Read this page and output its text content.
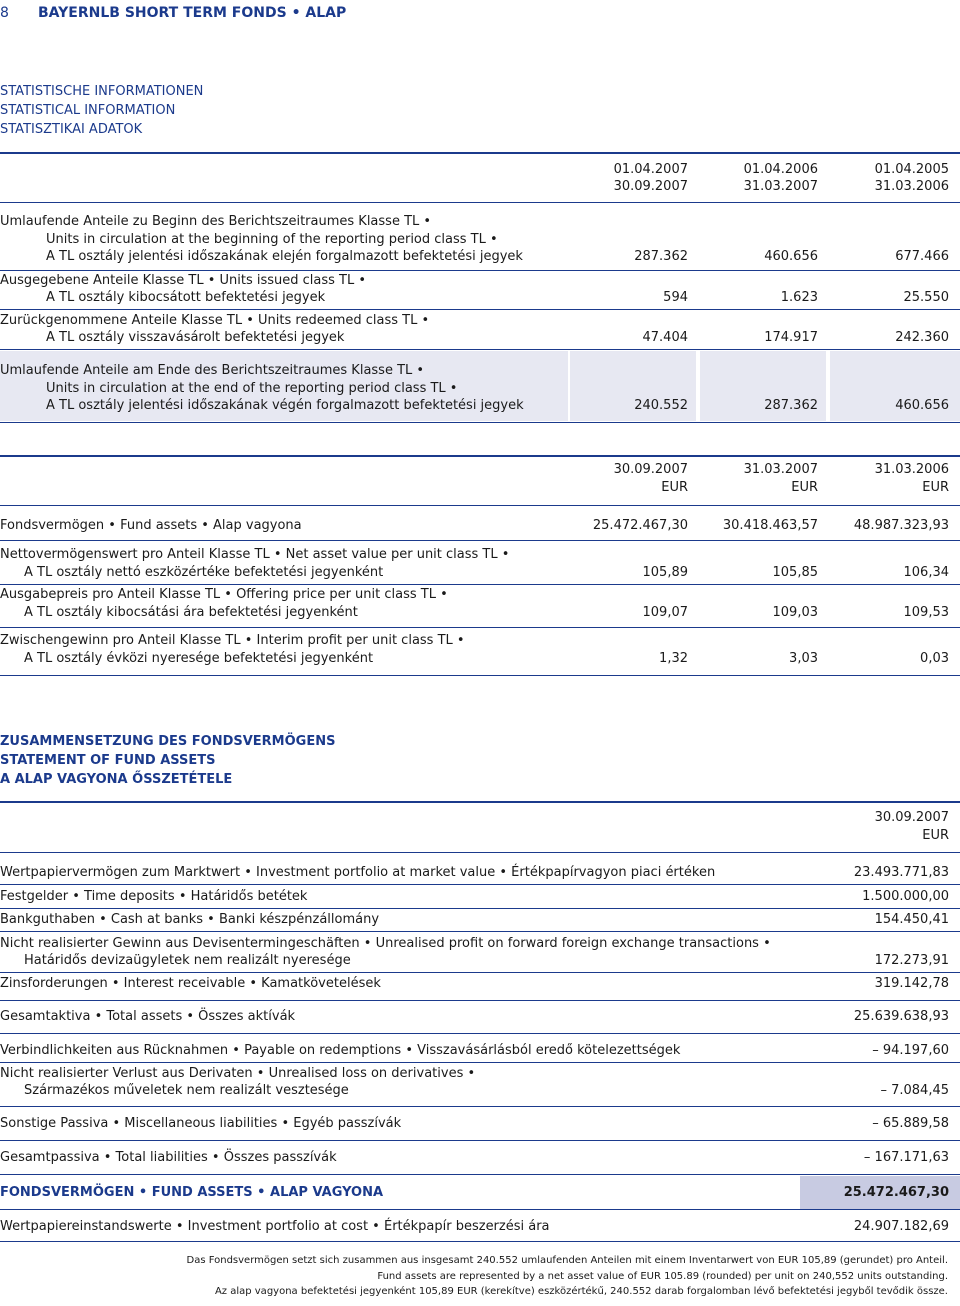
8 BAYERNLB SHORT TERM FONDS • ALAP
STATISTISCHE INFORMATIONEN
STATISTICAL INFORMATION
STATISZTIKAI ADATOK
01.04.2007	01.04.2006	01.04.2005
30.09.2007	31.03.2007	31.03.2006
Umlaufende Anteile zu Beginn des Berichtszeitraumes Klasse TL •
Units in circulation at the beginning of the reporting period class TL •
A TL osztály jelentési időszakának elején forgalmazott befektetési jegyek	287.362	460.656	677.466
Ausgegebene Anteile Klasse TL • Units issued class TL •
A TL osztály kibocsátott befektetési jegyek	594	1.623	25.550
Zurückgenommene Anteile Klasse TL • Units redeemed class TL •
A TL osztály visszavásárolt befektetési jegyek	47.404	174.917	242.360
Umlaufende Anteile am Ende des Berichtszeitraumes Klasse TL •
Units in circulation at the end of the reporting period class TL •
A TL osztály jelentési időszakának végén forgalmazott befektetési jegyek	240.552	287.362	460.656
30.09.2007	31.03.2007	31.03.2006
EUR	EUR	EUR
Fondsvermögen • Fund assets • Alap vagyona	25.472.467,30	30.418.463,57	48.987.323,93
Nettovermögenswert pro Anteil Klasse TL • Net asset value per unit class TL •
A TL osztály nettó eszközértéke befektetési jegyenként	105,89	105,85	106,34
Ausgabepreis pro Anteil Klasse TL • Offering price per unit class TL •
A TL osztály kibocsátási ára befektetési jegyenként	109,07	109,03	109,53
Zwischengewinn pro Anteil Klasse TL • Interim profit per unit class TL •
A TL osztály évközi nyeresége befektetési jegyenként	1,32	3,03	0,03
ZUSAMMENSETZUNG DES FONDSVERMÖGENS
STATEMENT OF FUND ASSETS
A ALAP VAGYONA ŐSSZETÉTELE
30.09.2007
EUR
Wertpapiervermögen zum Marktwert • Investment portfolio at market value • Értékpapírvagyon piaci értéken	23.493.771,83
Festgelder • Time deposits • Határidős betétek	1.500.000,00
Bankguthaben • Cash at banks • Banki készpénzállomány	154.450,41
Nicht realisierter Gewinn aus Devisentermingeschäften • Unrealised profit on forward foreign exchange transactions •
Határidős devizaügyletek nem realizált nyeresége	172.273,91
Zinsforderungen • Interest receivable • Kamatkövetelések	319.142,78
Gesamtaktiva • Total assets • Összes aktívák	25.639.638,93
Verbindlichkeiten aus Rücknahmen • Payable on redemptions • Visszavásárlásból eredő kötelezettségek	– 94.197,60
Nicht realisierter Verlust aus Derivaten • Unrealised loss on derivatives •
Származékos műveletek nem realizált vesztesége	– 7.084,45
Sonstige Passiva • Miscellaneous liabilities • Egyéb passzívák	– 65.889,58
Gesamtpassiva • Total liabilities • Összes passzívák	– 167.171,63
FONDSVERMÖGEN • FUND ASSETS • ALAP VAGYONA	25.472.467,30
Wertpapiereinstandswerte • Investment portfolio at cost • Értékpapír beszerzési ára	24.907.182,69
Das Fondsvermögen setzt sich zusammen aus insgesamt 240.552 umlaufenden Anteilen mit einem Inventarwert von EUR 105,89 (gerundet) pro Anteil.
Fund assets are represented by a net asset value of EUR 105.89 (rounded) per unit on 240,552 units outstanding.
Az alap vagyona befektetési jegyenként 105,89 EUR (kerekítve) eszközértékű, 240.552 darab forgalomban lévő befektetési jegyből tevődik össze.
